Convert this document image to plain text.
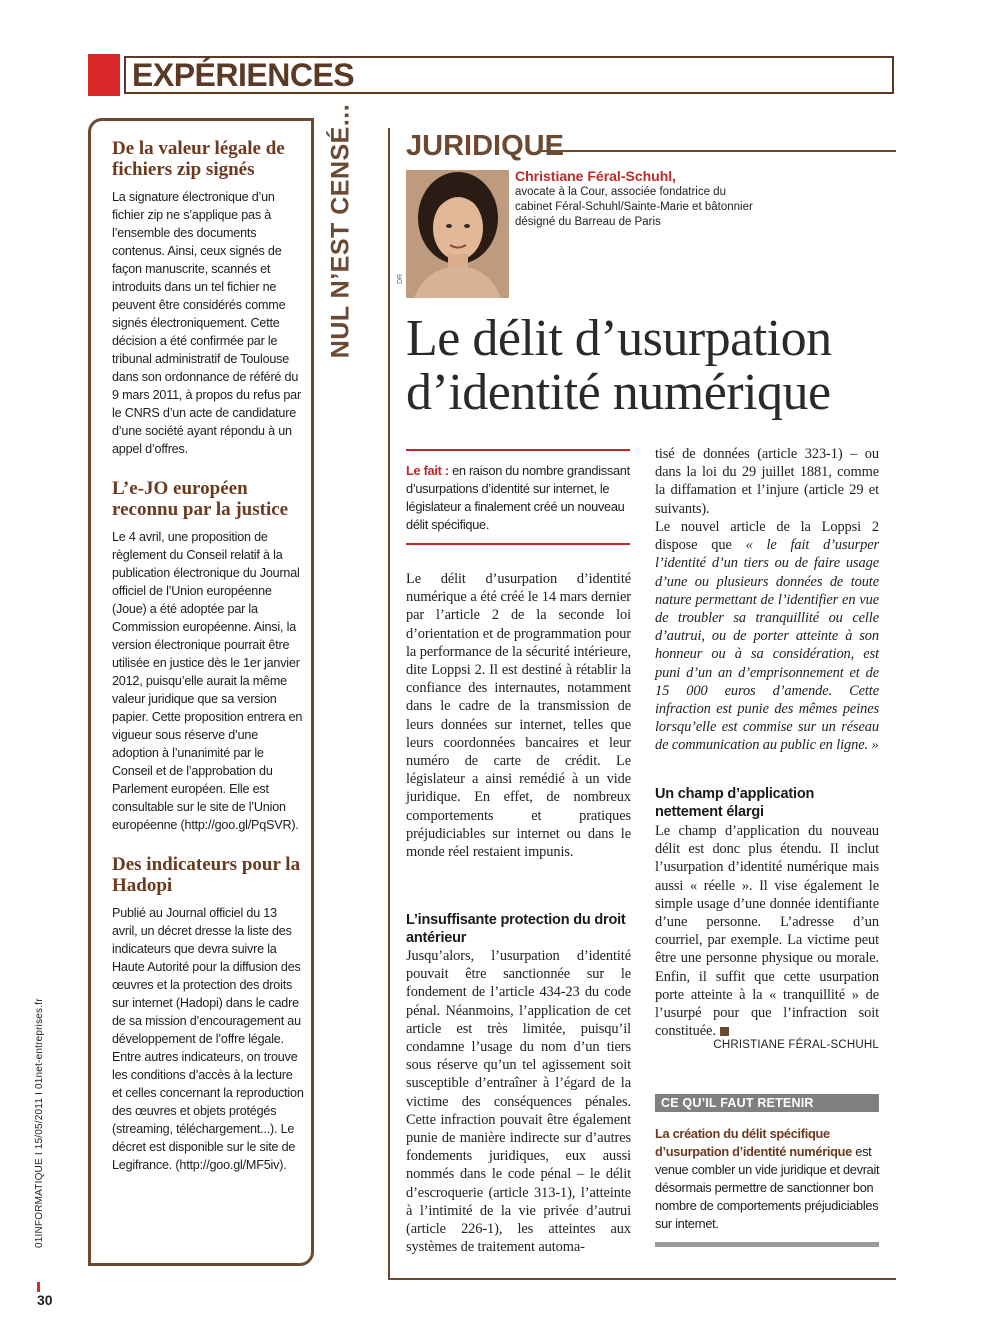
EXPÉRIENCES
De la valeur légale de fichiers zip signés

La signature électronique d’un fichier zip ne s’applique pas à l’ensemble des documents contenus. Ainsi, ceux signés de façon manuscrite, scannés et introduits dans un tel fichier ne peuvent être considérés comme signés électroniquement. Cette décision a été confirmée par le tribunal administratif de Toulouse dans son ordonnance de référé du 9 mars 2011, à propos du refus par le CNRS d’un acte de candidature d’une société ayant répondu à un appel d’offres.

L’e-JO européen reconnu par la justice

Le 4 avril, une proposition de règlement du Conseil relatif à la publication électronique du Journal officiel de l’Union européenne (Joue) a été adoptée par la Commission européenne. Ainsi, la version électronique pourrait être utilisée en justice dès le 1er janvier 2012, puisqu’elle aurait la même valeur juridique que sa version papier. Cette proposition entrera en vigueur sous réserve d’une adoption à l’unanimité par le Conseil et de l’approbation du Parlement européen. Elle est consultable sur le site de l’Union européenne (http://goo.gl/PqSVR).

Des indicateurs pour la Hadopi

Publié au Journal officiel du 13 avril, un décret dresse la liste des indicateurs que devra suivre la Haute Autorité pour la diffusion des œuvres et la protection des droits sur internet (Hadopi) dans le cadre de sa mission d’encouragement au développement de l’offre légale. Entre autres indicateurs, on trouve les conditions d’accès à la lecture et celles concernant la reproduction des œuvres et objets protégés (streaming, téléchargement...). Le décret est disponible sur le site de Legifrance. (http://goo.gl/MF5iv).

NUL N’EST CENSÉ... JURIDIQUE
DR
Christiane Féral-Schuhl,
avocate à la Cour, associée fondatrice du cabinet Féral-Schuhl/Sainte-Marie et bâtonnier désigné du Barreau de Paris
Le délit d’usurpation d’identité numérique
Le fait : en raison du nombre grandissant d’usurpations d’identité sur internet, le législateur a finalement créé un nouveau délit spécifique.
Le délit d’usurpation d’identité numérique a été créé le 14 mars dernier par l’article 2 de la seconde loi d’orientation et de programmation pour la performance de la sécurité intérieure, dite Loppsi 2. Il est destiné à rétablir la confiance des internautes, notamment dans le cadre de la transmission de leurs données sur internet, telles que leurs coordonnées bancaires et leur numéro de carte de crédit. Le législateur a ainsi remédié à un vide juridique. En effet, de nombreux comportements et pratiques préjudiciables sur internet ou dans le monde réel restaient impunis.
L’insuffisante protection du droit antérieur
Jusqu’alors, l’usurpation d’identité pouvait être sanctionnée sur le fondement de l’article 434-23 du code pénal. Néanmoins, l’application de cet article est très limitée, puisqu’il condamne l’usage du nom d’un tiers sous réserve qu’un tel agissement soit susceptible d’entraîner à l’égard de la victime des conséquences pénales. Cette infraction pouvait être également punie de manière indirecte sur d’autres fondements juridiques, eux aussi nommés dans le code pénal – le délit d’escroquerie (article 313-1), l’atteinte à l’intimité de la vie privée d’autrui (article 226-1), les atteintes aux systèmes de traitement automa-
tisé de données (article 323-1) – ou dans la loi du 29 juillet 1881, comme la diffamation et l’injure (article 29 et suivants).
Le nouvel article de la Loppsi 2 dispose que « le fait d’usurper l’identité d’un tiers ou de faire usage d’une ou plusieurs données de toute nature permettant de l’identifier en vue de troubler sa tranquillité ou celle d’autrui, ou de porter atteinte à son honneur ou à sa considération, est puni d’un an d’emprisonnement et de 15 000 euros d’amende. Cette infraction est punie des mêmes peines lorsqu’elle est commise sur un réseau de communication au public en ligne. »
Un champ d’application nettement élargi
Le champ d’application du nouveau délit est donc plus étendu. Il inclut l’usurpation d’identité numérique mais aussi « réelle ». Il vise également le simple usage d’une donnée identifiante d’une personne. L’adresse d’un courriel, par exemple. La victime peut être une personne physique ou morale. Enfin, il suffit que cette usurpation porte atteinte à la « tranquillité » de l’usurpé pour que l’infraction soit constituée.
CHRISTIANE FÉRAL-SCHUHL
CE QU’IL FAUT RETENIR
La création du délit spécifique d’usurpation d’identité numérique est venue combler un vide juridique et devrait désormais permettre de sanctionner bon nombre de comportements préjudiciables sur internet.
01INFORMATIQUE I 15/05/2011 I 01net-entreprises.fr
30
